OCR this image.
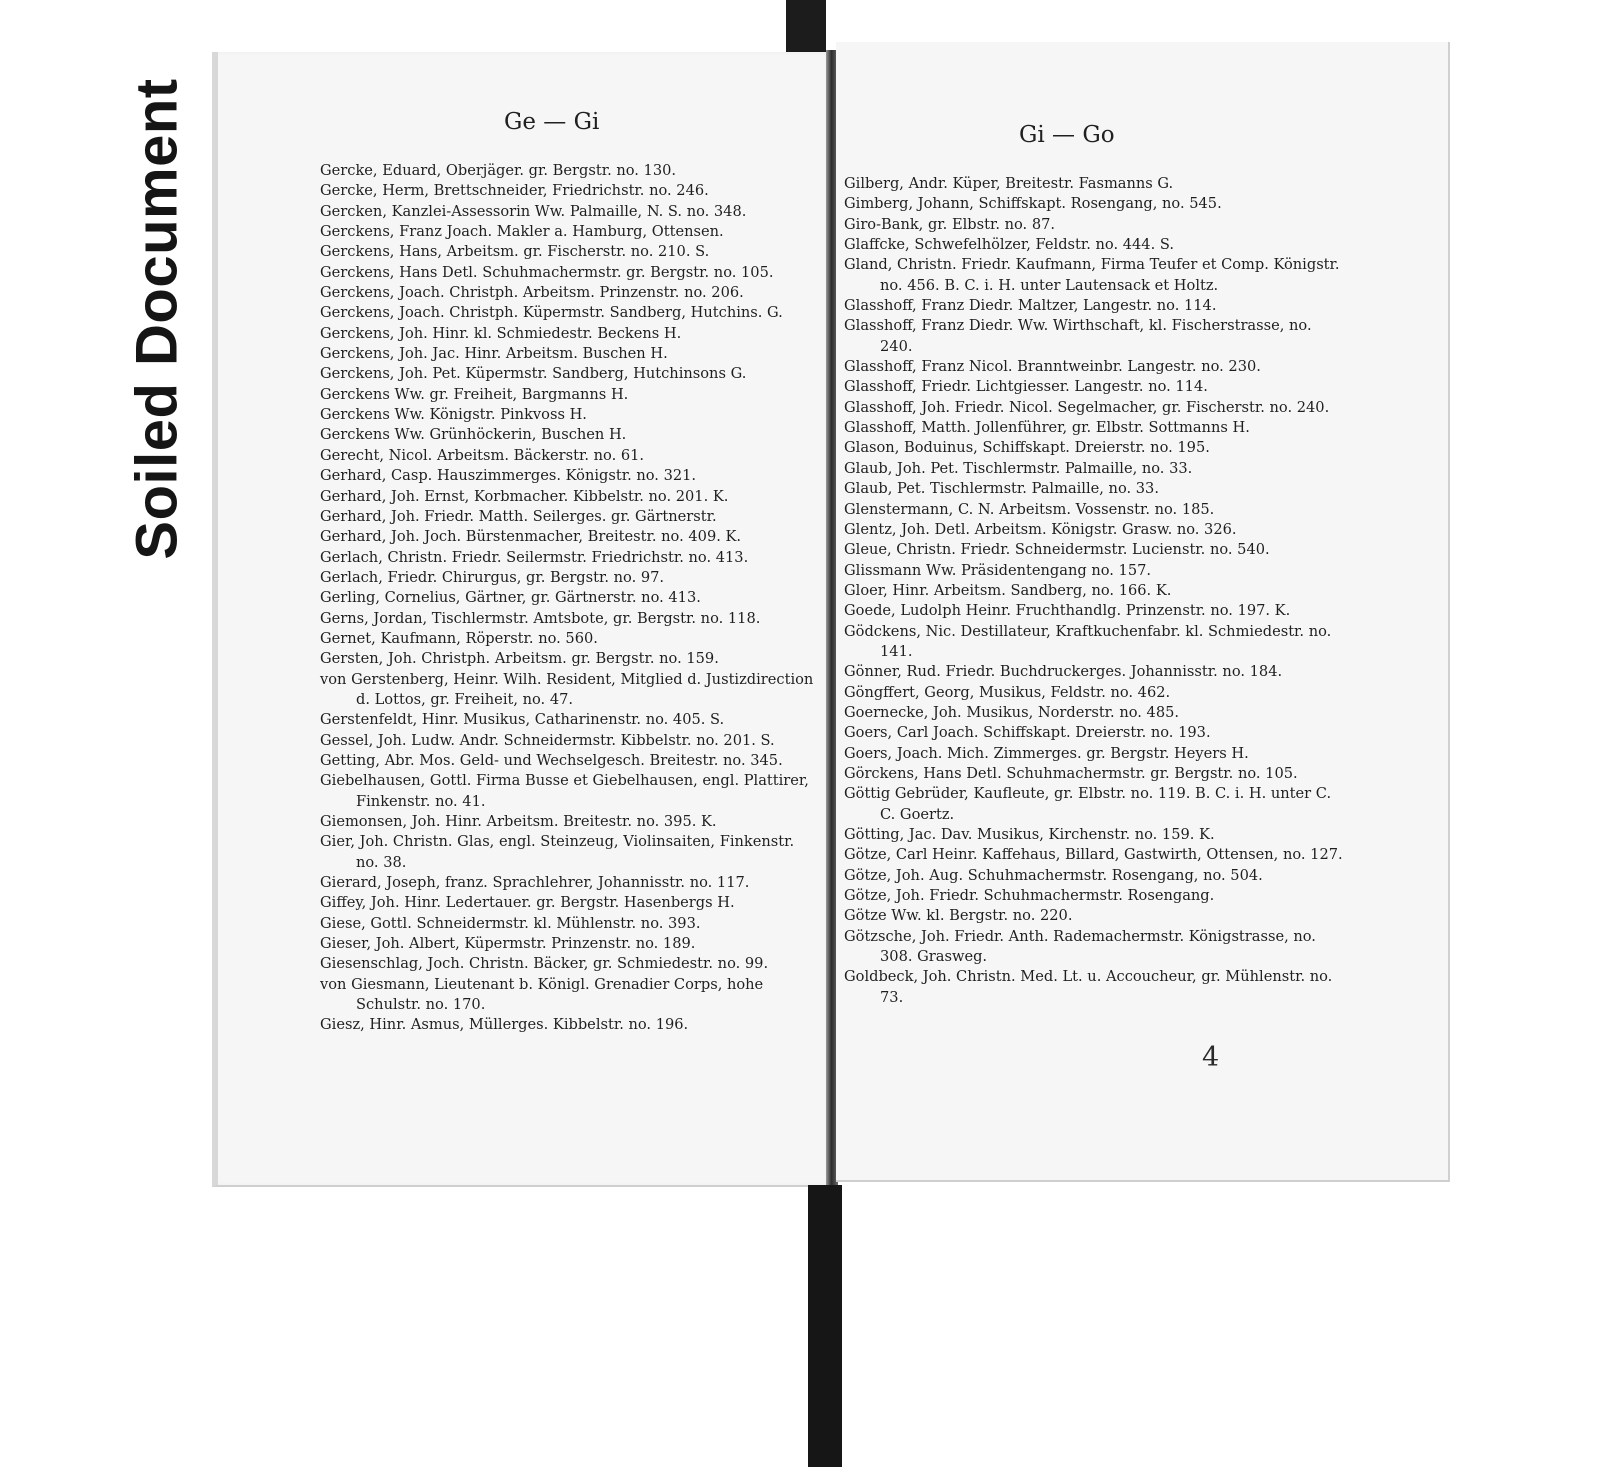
Soiled Document	Ge — Gi
Gercke, Eduard, Oberjäger. gr. Bergstr. no. 130.
Gercke, Herm, Brettschneider, Friedrichstr. no. 246.
Gercken, Kanzlei-Assessorin Ww. Palmaille, N. S. no. 348.
Gerckens, Franz Joach. Makler a. Hamburg, Ottensen.
Gerckens, Hans, Arbeitsm. gr. Fischerstr. no. 210. S.
Gerckens, Hans Detl. Schuhmachermstr. gr. Bergstr. no. 105.
Gerckens, Joach. Christph. Arbeitsm. Prinzenstr. no. 206.
Gerckens, Joach. Christph. Küpermstr. Sandberg, Hutchins. G.
Gerckens, Joh. Hinr. kl. Schmiedestr. Beckens H.
Gerckens, Joh. Jac. Hinr. Arbeitsm. Buschen H.
Gerckens, Joh. Pet. Küpermstr. Sandberg, Hutchinsons G.
Gerckens Ww. gr. Freiheit, Bargmanns H.
Gerckens Ww. Königstr. Pinkvoss H.
Gerckens Ww. Grünhöckerin, Buschen H.
Gerecht, Nicol. Arbeitsm. Bäckerstr. no. 61.
Gerhard, Casp. Hauszimmerges. Königstr. no. 321.
Gerhard, Joh. Ernst, Korbmacher. Kibbelstr. no. 201. K.
Gerhard, Joh. Friedr. Matth. Seilerges. gr. Gärtnerstr.
Gerhard, Joh. Joch. Bürstenmacher, Breitestr. no. 409. K.
Gerlach, Christn. Friedr. Seilermstr. Friedrichstr. no. 413.
Gerlach, Friedr. Chirurgus, gr. Bergstr. no. 97.
Gerling, Cornelius, Gärtner, gr. Gärtnerstr. no. 413.
Gerns, Jordan, Tischlermstr. Amtsbote, gr. Bergstr. no. 118.
Gernet, Kaufmann, Röperstr. no. 560.
Gersten, Joh. Christph. Arbeitsm. gr. Bergstr. no. 159.
von Gerstenberg, Heinr. Wilh. Resident, Mitglied d. Justizdirection d. Lottos, gr. Freiheit, no. 47.
Gerstenfeldt, Hinr. Musikus, Catharinenstr. no. 405. S.
Gessel, Joh. Ludw. Andr. Schneidermstr. Kibbelstr. no. 201. S.
Getting, Abr. Mos. Geld- und Wechselgesch. Breitestr. no. 345.
Giebelhausen, Gottl. Firma Busse et Giebelhausen, engl. Plattirer, Finkenstr. no. 41.
Giemonsen, Joh. Hinr. Arbeitsm. Breitestr. no. 395. K.
Gier, Joh. Christn. Glas, engl. Steinzeug, Violinsaiten, Finkenstr. no. 38.
Gierard, Joseph, franz. Sprachlehrer, Johannisstr. no. 117.
Giffey, Joh. Hinr. Ledertauer. gr. Bergstr. Hasenbergs H.
Giese, Gottl. Schneidermstr. kl. Mühlenstr. no. 393.
Gieser, Joh. Albert, Küpermstr. Prinzenstr. no. 189.
Giesenschlag, Joch. Christn. Bäcker, gr. Schmiedestr. no. 99.
von Giesmann, Lieutenant b. Königl. Grenadier Corps, hohe Schulstr. no. 170.
Giesz, Hinr. Asmus, Müllerges. Kibbelstr. no. 196.
Gi — Go
Gilberg, Andr. Küper, Breitestr. Fasmanns G.
Gimberg, Johann, Schiffskapt. Rosengang, no. 545.
Giro-Bank, gr. Elbstr. no. 87.
Glaffcke, Schwefelhölzer, Feldstr. no. 444. S.
Gland, Christn. Friedr. Kaufmann, Firma Teufer et Comp. Königstr. no. 456. B. C. i. H. unter Lautensack et Holtz.
Glasshoff, Franz Diedr. Maltzer, Langestr. no. 114.
Glasshoff, Franz Diedr. Ww. Wirthschaft, kl. Fischerstrasse, no. 240.
Glasshoff, Franz Nicol. Branntweinbr. Langestr. no. 230.
Glasshoff, Friedr. Lichtgiesser. Langestr. no. 114.
Glasshoff, Joh. Friedr. Nicol. Segelmacher, gr. Fischerstr. no. 240.
Glasshoff, Matth. Jollenführer, gr. Elbstr. Sottmanns H.
Glason, Boduinus, Schiffskapt. Dreierstr. no. 195.
Glaub, Joh. Pet. Tischlermstr. Palmaille, no. 33.
Glaub, Pet. Tischlermstr. Palmaille, no. 33.
Glenstermann, C. N. Arbeitsm. Vossenstr. no. 185.
Glentz, Joh. Detl. Arbeitsm. Königstr. Grasw. no. 326.
Gleue, Christn. Friedr. Schneidermstr. Lucienstr. no. 540.
Glissmann Ww. Präsidentengang no. 157.
Gloer, Hinr. Arbeitsm. Sandberg, no. 166. K.
Goede, Ludolph Heinr. Fruchthandlg. Prinzenstr. no. 197. K.
Gödckens, Nic. Destillateur, Kraftkuchenfabr. kl. Schmiedestr. no. 141.
Gönner, Rud. Friedr. Buchdruckerges. Johannisstr. no. 184.
Göngffert, Georg, Musikus, Feldstr. no. 462.
Goernecke, Joh. Musikus, Norderstr. no. 485.
Goers, Carl Joach. Schiffskapt. Dreierstr. no. 193.
Goers, Joach. Mich. Zimmerges. gr. Bergstr. Heyers H.
Görckens, Hans Detl. Schuhmachermstr. gr. Bergstr. no. 105.
Göttig Gebrüder, Kaufleute, gr. Elbstr. no. 119. B. C. i. H. unter C. C. Goertz.
Götting, Jac. Dav. Musikus, Kirchenstr. no. 159. K.
Götze, Carl Heinr. Kaffehaus, Billard, Gastwirth, Ottensen, no. 127.
Götze, Joh. Aug. Schuhmachermstr. Rosengang, no. 504.
Götze, Joh. Friedr. Schuhmachermstr. Rosengang.
Götze Ww. kl. Bergstr. no. 220.
Götzsche, Joh. Friedr. Anth. Rademachermstr. Königstrasse, no. 308. Grasweg.
Goldbeck, Joh. Christn. Med. Lt. u. Accoucheur, gr. Mühlenstr. no. 73.
4
